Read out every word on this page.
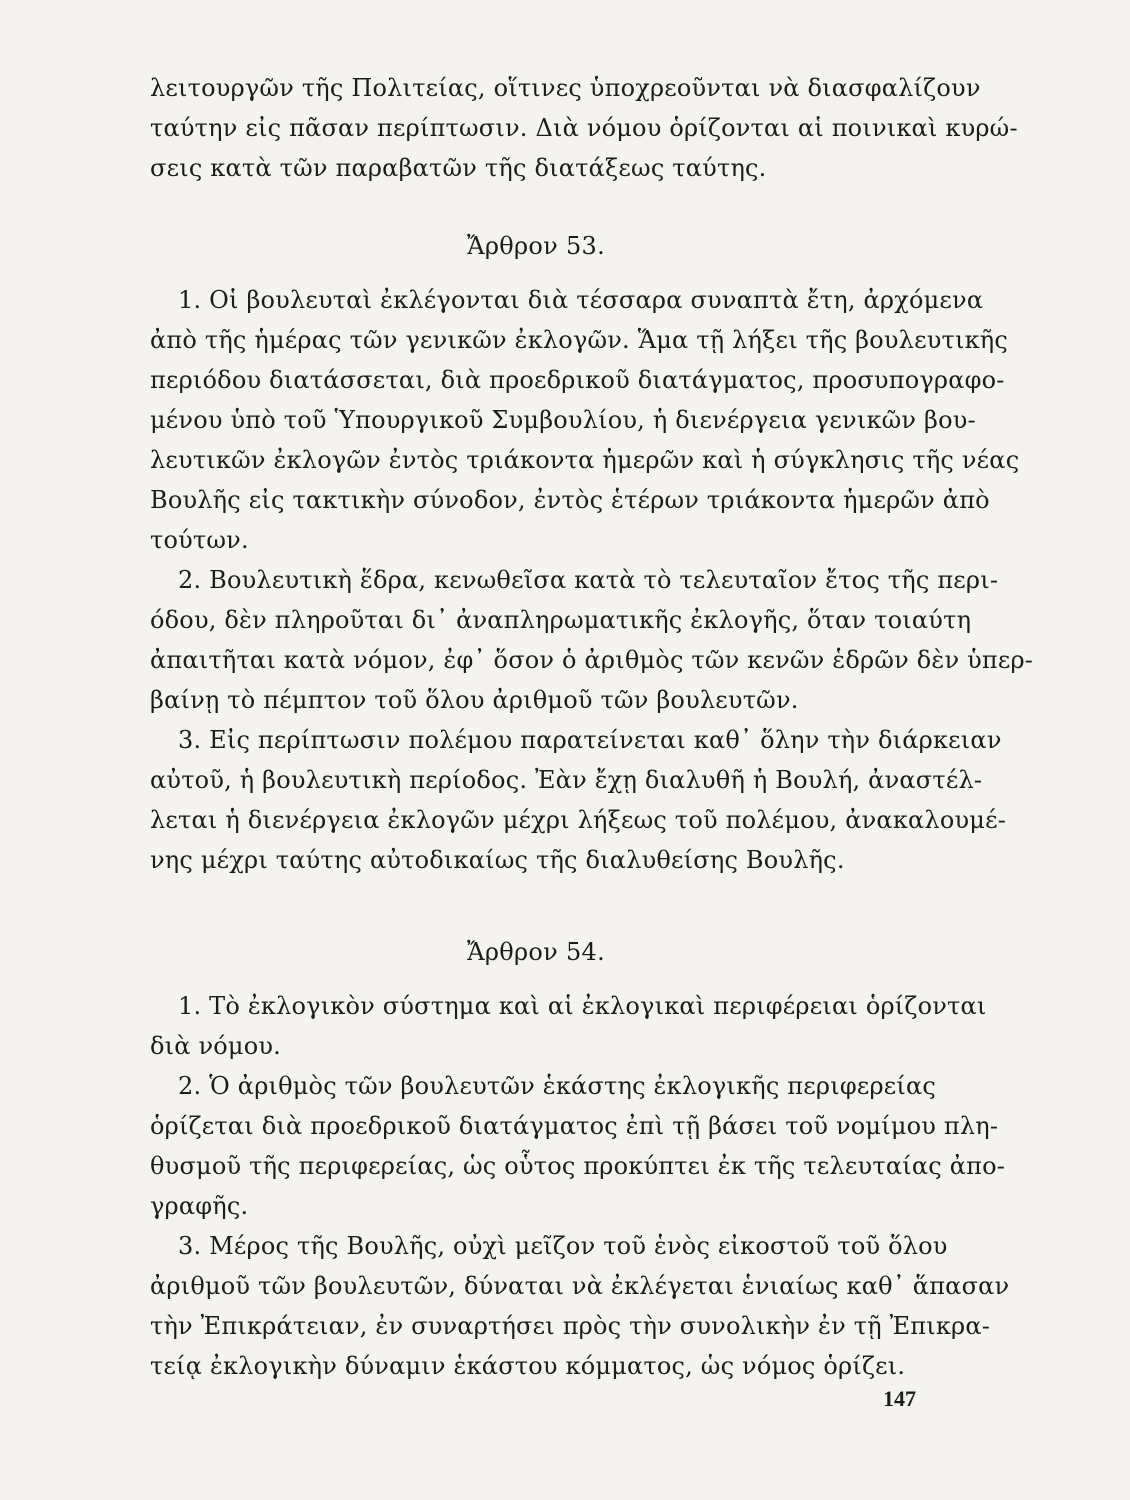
λειτουργῶν τῆς Πολιτείας, οἵτινες ὑποχρεοῦνται νὰ διασφαλίζουν
ταύτην εἰς πᾶσαν περίπτωσιν. Διὰ νόμου ὁρίζονται αἱ ποινικαὶ κυρώ-
σεις κατὰ τῶν παραβατῶν τῆς διατάξεως ταύτης.
Ἄρθρον 53.
1. Οἱ βουλευταὶ ἐκλέγονται διὰ τέσσαρα συναπτὰ ἔτη, ἀρχόμενα
ἀπὸ τῆς ἡμέρας τῶν γενικῶν ἐκλογῶν. Ἅμα τῇ λήξει τῆς βουλευτικῆς
περιόδου διατάσσεται, διὰ προεδρικοῦ διατάγματος, προσυπογραφο-
μένου ὑπὸ τοῦ Ὑπουργικοῦ Συμβουλίου, ἡ διενέργεια γενικῶν βου-
λευτικῶν ἐκλογῶν ἐντὸς τριάκοντα ἡμερῶν καὶ ἡ σύγκλησις τῆς νέας
Βουλῆς εἰς τακτικὴν σύνοδον, ἐντὸς ἑτέρων τριάκοντα ἡμερῶν ἀπὸ
τούτων.
2. Βουλευτικὴ ἕδρα, κενωθεῖσα κατὰ τὸ τελευταῖον ἔτος τῆς περι-
όδου, δὲν πληροῦται δι᾽ ἀναπληρωματικῆς ἐκλογῆς, ὅταν τοιαύτη
ἀπαιτῆται κατὰ νόμον, ἐφ᾽ ὅσον ὁ ἀριθμὸς τῶν κενῶν ἑδρῶν δὲν ὑπερ-
βαίνῃ τὸ πέμπτον τοῦ ὅλου ἀριθμοῦ τῶν βουλευτῶν.
3. Εἰς περίπτωσιν πολέμου παρατείνεται καθ᾽ ὅλην τὴν διάρκειαν
αὐτοῦ, ἡ βουλευτικὴ περίοδος. Ἐὰν ἔχῃ διαλυθῆ ἡ Βουλή, ἀναστέλ-
λεται ἡ διενέργεια ἐκλογῶν μέχρι λήξεως τοῦ πολέμου, ἀνακαλουμέ-
νης μέχρι ταύτης αὐτοδικαίως τῆς διαλυθείσης Βουλῆς.
Ἄρθρον 54.
1. Τὸ ἐκλογικὸν σύστημα καὶ αἱ ἐκλογικαὶ περιφέρειαι ὁρίζονται
διὰ νόμου.
2. Ὁ ἀριθμὸς τῶν βουλευτῶν ἑκάστης ἐκλογικῆς περιφερείας
ὁρίζεται διὰ προεδρικοῦ διατάγματος ἐπὶ τῇ βάσει τοῦ νομίμου πλη-
θυσμοῦ τῆς περιφερείας, ὡς οὗτος προκύπτει ἐκ τῆς τελευταίας ἀπο-
γραφῆς.
3. Μέρος τῆς Βουλῆς, οὐχὶ μεῖζον τοῦ ἑνὸς εἰκοστοῦ τοῦ ὅλου
ἀριθμοῦ τῶν βουλευτῶν, δύναται νὰ ἐκλέγεται ἑνιαίως καθ᾽ ἅπασαν
τὴν Ἐπικράτειαν, ἐν συναρτήσει πρὸς τὴν συνολικὴν ἐν τῇ Ἐπικρα-
τείᾳ ἐκλογικὴν δύναμιν ἑκάστου κόμματος, ὡς νόμος ὁρίζει.
147
